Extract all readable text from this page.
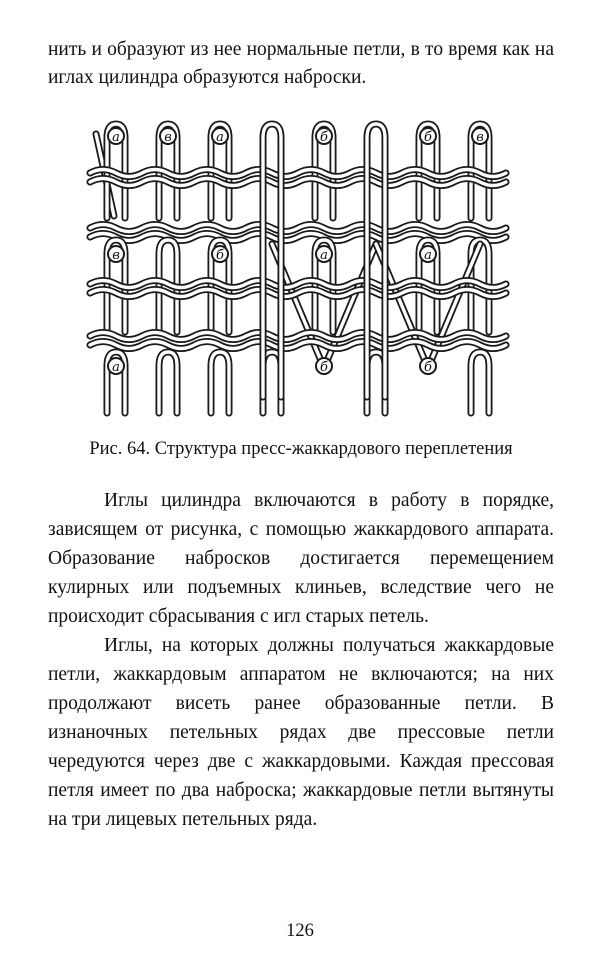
нить и образуют из нее нормальные петли, в то время как на иглах цилиндра образуются наброски.

а	в	а	б	б	в
в	б	а	а
а	б	б
Рис. 64. Структура пресс-жаккардового переплетения

Иглы цилиндра включаются в работу в порядке, зависящем от рисунка, с помощью жаккардового аппарата. Образование набросков достигается перемещением кулирных или подъемных клиньев, вследствие чего не происходит сбрасывания с игл старых петель.

Иглы, на которых должны получаться жаккардовые петли, жаккардовым аппаратом не включаются; на них продолжают висеть ранее образованные петли. В изнаночных петельных рядах две прессовые петли чередуются через две с жаккардовыми. Каждая прессовая петля имеет по два наброска; жаккардовые петли вытянуты на три лицевых петельных ряда.

126
